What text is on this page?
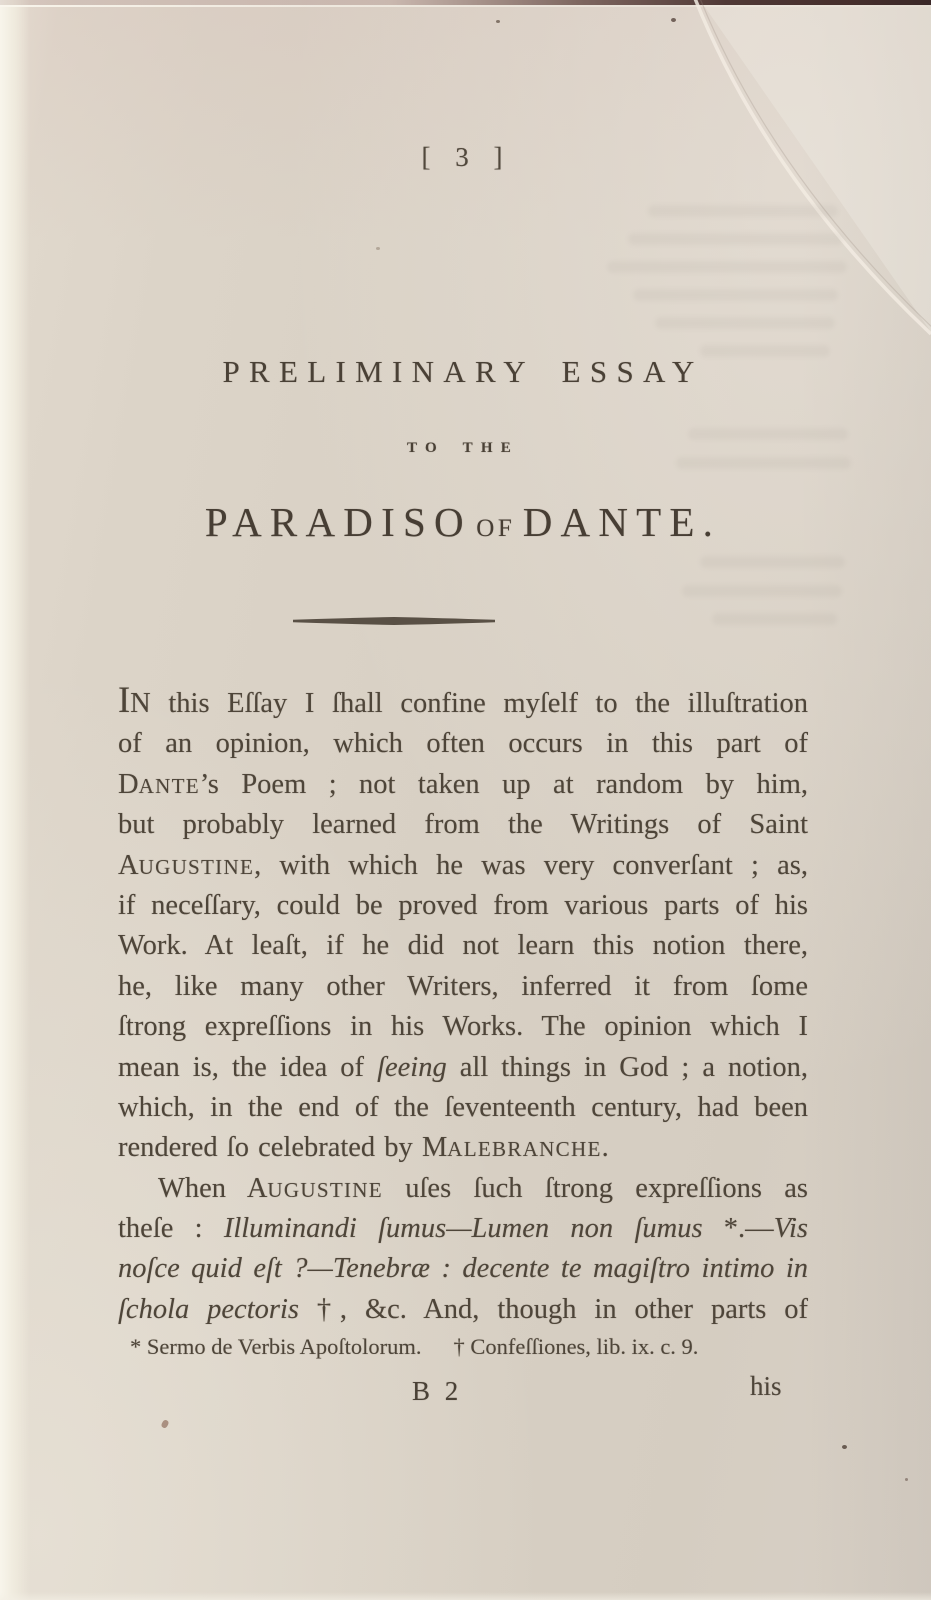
[ 3 ]
PRELIMINARY ESSAY
TO THE
PARADISO OF DANTE.
IN this Eſſay I ſhall confine myſelf to the illuſtration
of an opinion, which often occurs in this part of
DANTE’s Poem ; not taken up at random by him,
but probably learned from the Writings of Saint
AUGUSTINE, with which he was very converſant ; as,
if neceſſary, could be proved from various parts of his
Work. At leaſt, if he did not learn this notion there,
he, like many other Writers, inferred it from ſome
ſtrong expreſſions in his Works. The opinion which I
mean is, the idea of ſeeing all things in God ; a notion,
which, in the end of the ſeventeenth century, had been
rendered ſo celebrated by MALEBRANCHE.
When AUGUSTINE uſes ſuch ſtrong expreſſions as
theſe : Illuminandi ſumus—Lumen non ſumus *.—Vis
noſce quid eſt ?—Tenebræ : decente te magiſtro intimo in
ſchola pectoris †, &c. And, though in other parts of
* Sermo de Verbis Apoſtolorum. † Confeſſiones, lib. ix. c. 9.
B 2	his
